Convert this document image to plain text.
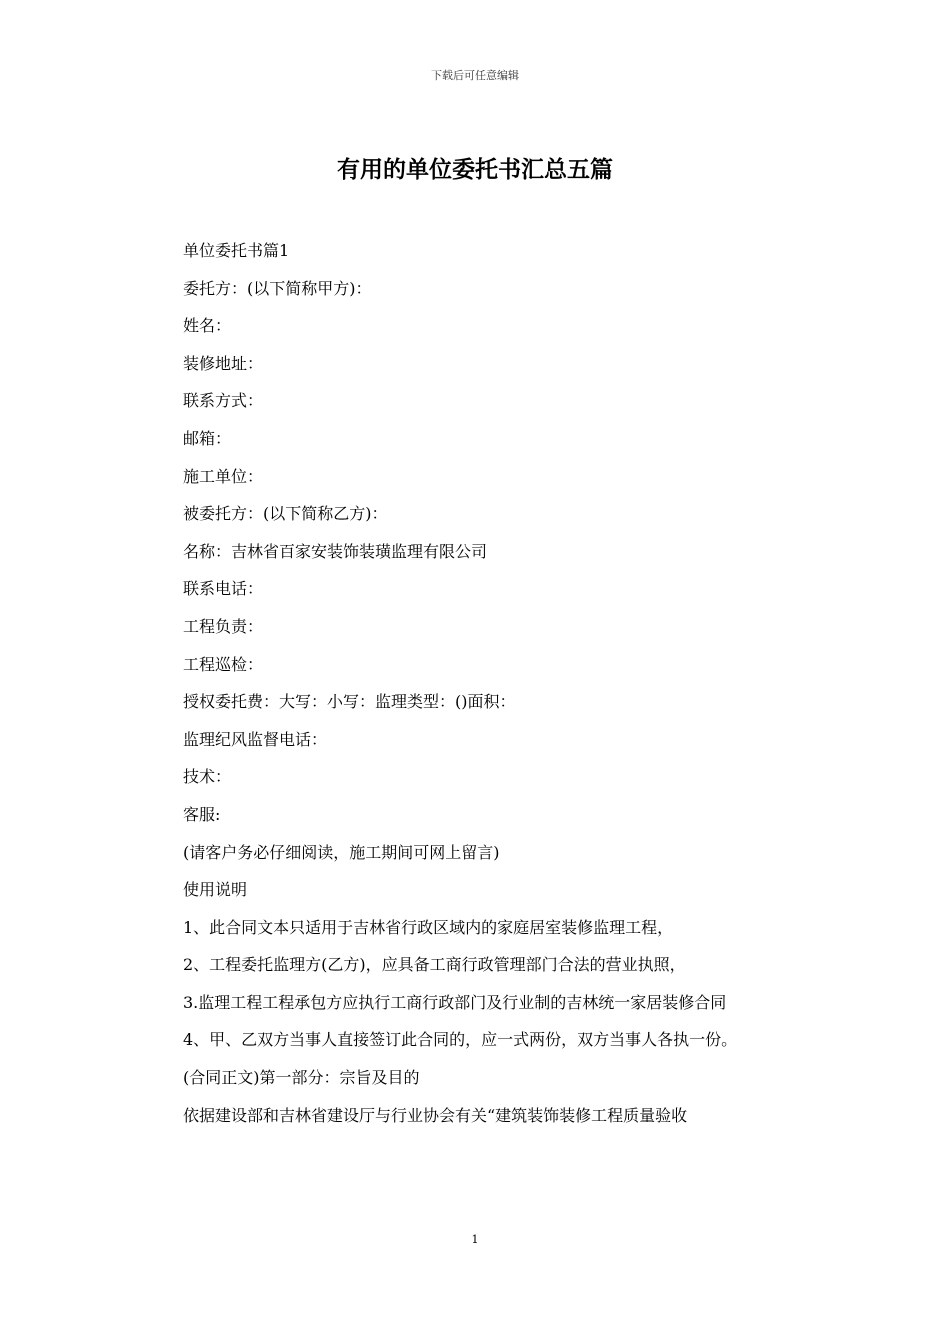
下载后可任意编辑
有用的单位委托书汇总五篇

单位委托书篇1

委托方：(以下简称甲方)：

姓名：

装修地址：

联系方式：

邮箱：

施工单位：

被委托方：(以下简称乙方)：

名称：吉林省百家安装饰装璜监理有限公司

联系电话：

工程负责：

工程巡检：

授权委托费：大写：小写：监理类型：()面积：

监理纪风监督电话：

技术：

客服:

(请客户务必仔细阅读，施工期间可网上留言)

使用说明

1、此合同文本只适用于吉林省行政区域内的家庭居室装修监理工程，

2、工程委托监理方(乙方)，应具备工商行政管理部门合法的营业执照，

3.监理工程工程承包方应执行工商行政部门及行业制的吉林统一家居装修合同

4、甲、乙双方当事人直接签订此合同的，应一式两份，双方当事人各执一份。

(合同正文)第一部分：宗旨及目的

依据建设部和吉林省建设厅与行业协会有关“建筑装饰装修工程质量验收

1
